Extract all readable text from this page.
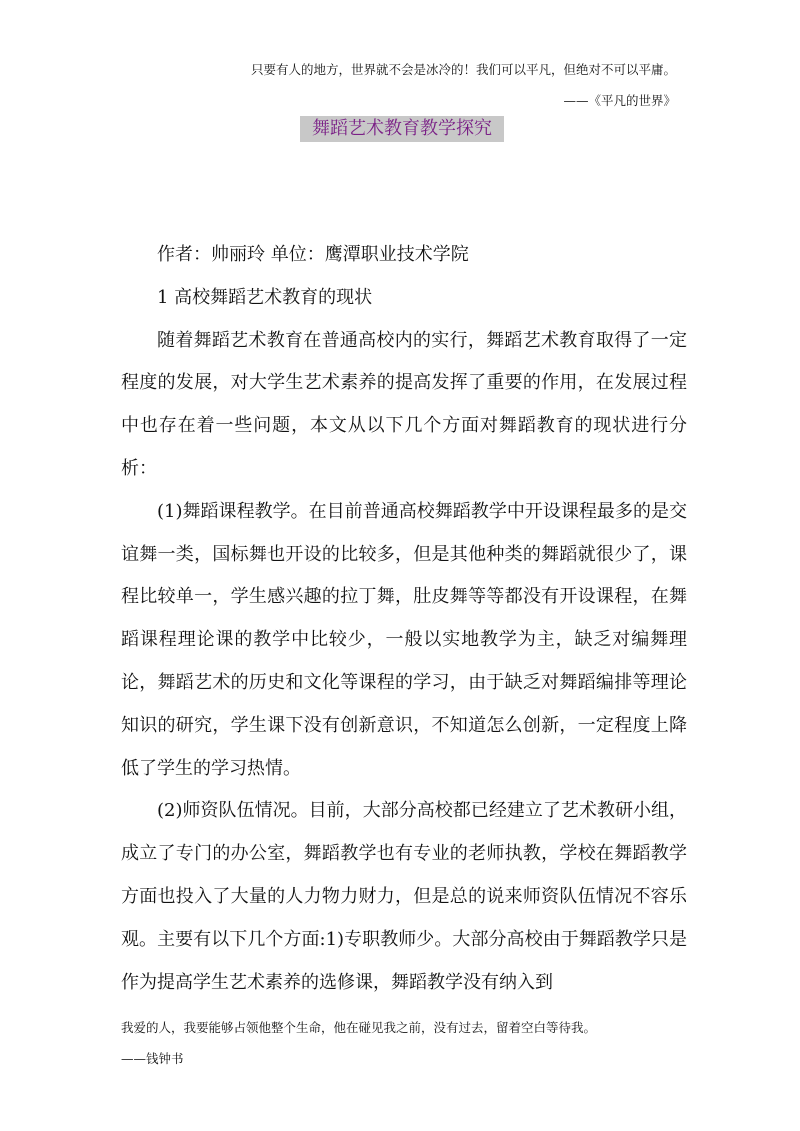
只要有人的地方，世界就不会是冰冷的！我们可以平凡，但绝对不可以平庸。
——《平凡的世界》
舞蹈艺术教育教学探究

作者：帅丽玲 单位：鹰潭职业技术学院

1 高校舞蹈艺术教育的现状

随着舞蹈艺术教育在普通高校内的实行，舞蹈艺术教育取得了一定程度的发展，对大学生艺术素养的提高发挥了重要的作用，在发展过程中也存在着一些问题，本文从以下几个方面对舞蹈教育的现状进行分析：

(1)舞蹈课程教学。在目前普通高校舞蹈教学中开设课程最多的是交谊舞一类，国标舞也开设的比较多，但是其他种类的舞蹈就很少了，课程比较单一，学生感兴趣的拉丁舞，肚皮舞等等都没有开设课程，在舞蹈课程理论课的教学中比较少，一般以实地教学为主，缺乏对编舞理论，舞蹈艺术的历史和文化等课程的学习，由于缺乏对舞蹈编排等理论知识的研究，学生课下没有创新意识，不知道怎么创新，一定程度上降低了学生的学习热情。

(2)师资队伍情况。目前，大部分高校都已经建立了艺术教研小组，成立了专门的办公室，舞蹈教学也有专业的老师执教，学校在舞蹈教学方面也投入了大量的人力物力财力，但是总的说来师资队伍情况不容乐观。主要有以下几个方面:1)专职教师少。大部分高校由于舞蹈教学只是作为提高学生艺术素养的选修课，舞蹈教学没有纳入到

我爱的人，我要能够占领他整个生命，他在碰见我之前，没有过去，留着空白等待我。
——钱钟书
